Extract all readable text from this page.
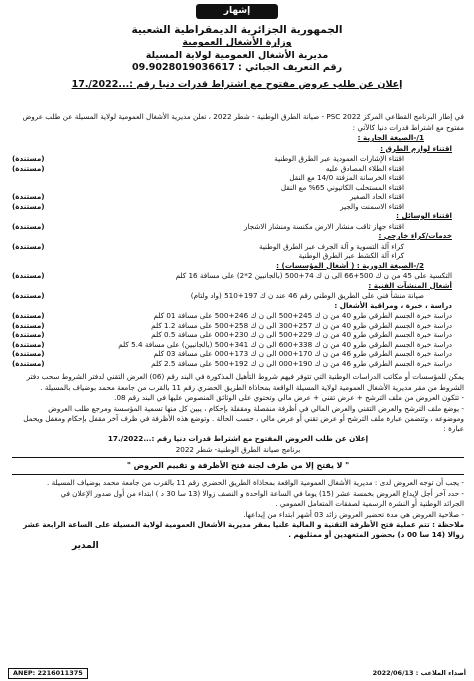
إشهار
الجمهورية الجزائرية الديمقراطية الشعبية
وزارة الأشغال العمومية
مديرية الأشغال العمومية لولاية المسيلة
رقم التعريف الجبائي : 09.9028019036617
إعلان عن طلب عروض مفتوح مع اشتراط قدرات دنيا رقم :...2022/.17

في إطار البرنامج القطاعي المركز PSC 2022 - صيانة الطرق الوطنية - شطر 2022 ، تعلن مديرية الأشغال العمومية لولاية المسيلة عن طلب عروض

مفتوح مع اشتراط قدرات دنيا كالآتي :

1/-الصيغة الجارية :

اقتناء لوازم الطرق :

اقتناء الإشارات العمودية عبر الطرق الوطنية
(مستندة)
اقتناء الطلاء المصادق عليه
(مستندة)
اقتناء الخرسانة المزفتة 14/0 مع النقل
اقتناء المستحلب الكاتيوني 65% مع النقل
اقتناء الحاد الصغير
(مستندة)
اقتناء الاسمنت والجير
(مستندة)

اقتناء الوسائل :

اقتناء جهاز ثاقب منشار الارض مكنسة ومنشار الاشجار
(مستندة)

خدمات/كراء خارجي :

كراء آلة التسوية و آلة الجرف عبر الطرق الوطنية
(مستندة)
كراء آلة الكشط عبر الطرق الوطنية

2/-الصيغة الدورية : ( أشغال المؤسسات) :

التكسية على 45 من ن ك 500+66 الى ن ك 74+500 (بالجانبين 2*2) على مسافة 16 كلم
(مستندة)

أشغال المنشآت الفنية :

صيانة منشأ فني على الطريق الوطني رقم 46 عند ن ك 197+510 (واد ولتام)
(مستندة)

دراسة ، خبرة ، ومراقبة الأشغال :

دراسة خبرة الجسم الطرقي طرو 40 من ن ك 245+500 الى ن ك 246+500 على مسافة 01 كلم
(مستندة)
دراسة خبرة الجسم الطرقي طرو 40 من ن ك 257+300 الى ن ك 258+500 على مسافة 1.2 كلم
(مستندة)
دراسة خبرة الجسم الطرقي طرو 40 من ن ك 229+500 الى ن ك 230+000 على مسافة 0.5 كلم
(مستندة)
دراسة خبرة الجسم الطرقي طرو 40 من ن ك 338+600 الى ن ك 341+500 (بالجانبين) على مسافة 5.4 كلم
(مستندة)
دراسة خبرة الجسم الطرقي طرو 46 من ن ك 170+000 الى ن ك 173+000 على مسافة 03 كلم
(مستندة)
دراسة خبرة الجسم الطرقي طرو 46 من ن ك 190+000 الى ن ك 192+500 على مسافة 2.5 كلم
(مستندة)

يمكن للمؤسسات أو مكاتب الدراسات الوطنية التي تتوفر فيهم شروط التأهيل المذكورة في البند رقم (06) العرض التقني لدفتر الشروط سحب دفتر

الشروط من مقر مديرية الأشغال العمومية لولاية المسيلة الواقعة بمحاذاة الطريق الحضري رقم 11 بالقرب من جامعة محمد بوضياف بالمسيلة .

- تتكون العروض من ملف الترشح + عرض تقني + عرض مالي وتحتوي على الوثائق المنصوص عليها في البند رقم 08.

- يوضع ملف الترشح والعرض التقني والعرض المالي في أظرفة منفصلة ومقفلة بإحكام ، يبين كل منها تسمية المؤسسة ومرجع طلب العروض

وموضوعه ، وتتضمن عبارة ملف الترشح أو عرض تقني أو عرض مالي ، حسب الحالة . وتوضع هذه الأظرفة في ظرف آخر مقفل بإحكام ومغفل ويحمل عبارة :

إعلان عن طلب العروض المفتوح مع اشتراط قدرات دنيا رقم :...2022/.17

برنامج صيانة الطرق الوطنية- شطر 2022

" لا يفتح إلا من طرف لجنة فتح الأظرفة و تقييم العروض "

- يجب أن توجه العروض لدى : مديرية الأشغال العمومية الواقعة بمحاذاة الطريق الحضري رقم 11 بالقرب من جامعة محمد بوضياف المسيلة .

- حدد آخر أجل لإيداع العروض بخمسة عشر (15) يوما في الساعة الواحدة و النصف زوالا (13 سا 30 د ) ابتداء من أول صدور الإعلان في

الجرائد الوطنية أو النشرة الرسمية لصفقات المتعامل العمومي .

- صلاحية العروض هي مدة تحضير العروض زائد 03 أشهر ابتداء من إيداعها.

ملاحظة : تتم عملية فتح الأظرفة التقنية و المالية علنيا بمقر مديرية الأشغال العمومية لولاية المسيلة على الساعة الرابعة عشر زوالا (14 سا 00 د) بحضور المتعهدين أو ممثليهم .

المدير

أصداء الملاعب : 2022/06/13
ANEP: 2216011375
